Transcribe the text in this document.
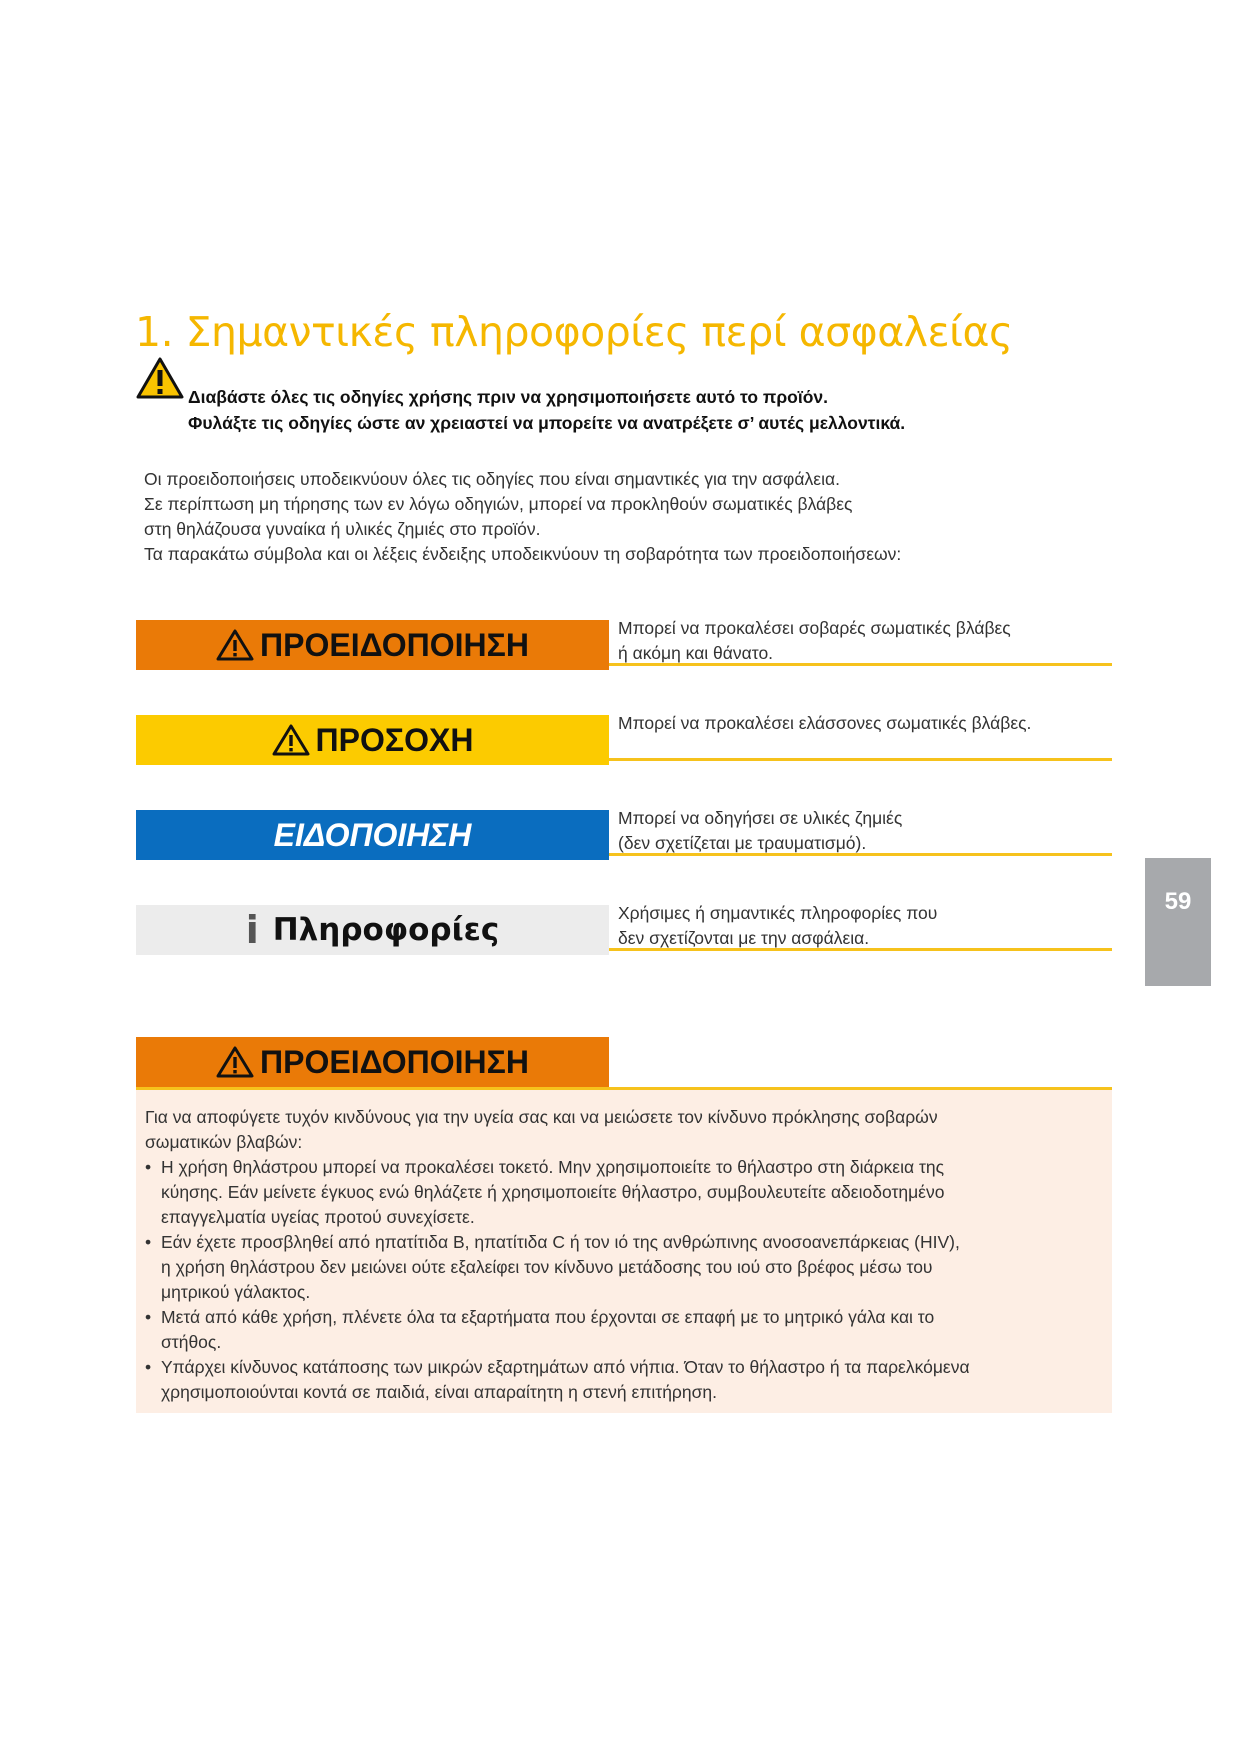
1. Σημαντικές πληροφορίες περί ασφαλείας
Διαβάστε όλες τις οδηγίες χρήσης πριν να χρησιμοποιήσετε αυτό το προϊόν.
Φυλάξτε τις οδηγίες ώστε αν χρειαστεί να μπορείτε να ανατρέξετε σ’ αυτές μελλοντικά.
Οι προειδοποιήσεις υποδεικνύουν όλες τις οδηγίες που είναι σημαντικές για την ασφάλεια.
Σε περίπτωση μη τήρησης των εν λόγω οδηγιών, μπορεί να προκληθούν σωματικές βλάβες
στη θηλάζουσα γυναίκα ή υλικές ζημιές στο προϊόν.
Τα παρακάτω σύμβολα και οι λέξεις ένδειξης υποδεικνύουν τη σοβαρότητα των προειδοποιήσεων:
ΠΡΟΕΙΔΟΠΟΙΗΣΗ	Μπορεί να προκαλέσει σοβαρές σωματικές βλάβες
ή ακόμη και θάνατο.
ΠΡΟΣΟΧΗ	Μπορεί να προκαλέσει ελάσσονες σωματικές βλάβες.
ΕΙΔΟΠΟΙΗΣΗ	Μπορεί να οδηγήσει σε υλικές ζημιές
(δεν σχετίζεται με τραυματισμό).
i Πληροφορίες	Χρήσιμες ή σημαντικές πληροφορίες που
δεν σχετίζονται με την ασφάλεια.
ΠΡΟΕΙΔΟΠΟΙΗΣΗ
Για να αποφύγετε τυχόν κινδύνους για την υγεία σας και να μειώσετε τον κίνδυνο πρόκλησης σοβαρών
σωματικών βλαβών:
• Η χρήση θηλάστρου μπορεί να προκαλέσει τοκετό. Μην χρησιμοποιείτε το θήλαστρο στη διάρκεια της
κύησης. Εάν μείνετε έγκυος ενώ θηλάζετε ή χρησιμοποιείτε θήλαστρο, συμβουλευτείτε αδειοδοτημένο
επαγγελματία υγείας προτού συνεχίσετε.
• Εάν έχετε προσβληθεί από ηπατίτιδα Β, ηπατίτιδα C ή τον ιό της ανθρώπινης ανοσοανεπάρκειας (HIV),
η χρήση θηλάστρου δεν μειώνει ούτε εξαλείφει τον κίνδυνο μετάδοσης του ιού στο βρέφος μέσω του
μητρικού γάλακτος.
• Μετά από κάθε χρήση, πλένετε όλα τα εξαρτήματα που έρχονται σε επαφή με το μητρικό γάλα και το
στήθος.
• Υπάρχει κίνδυνος κατάποσης των μικρών εξαρτημάτων από νήπια. Όταν το θήλαστρο ή τα παρελκόμενα
χρησιμοποιούνται κοντά σε παιδιά, είναι απαραίτητη η στενή επιτήρηση.
59
